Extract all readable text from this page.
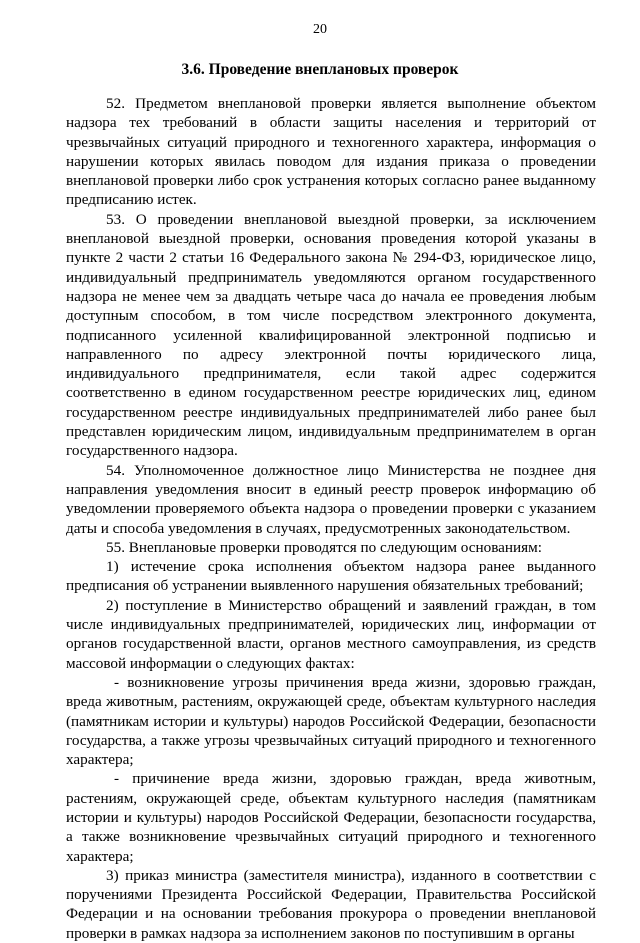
20
3.6. Проведение внеплановых проверок

52. Предметом внеплановой проверки является выполнение объектом надзора тех требований в области защиты населения и территорий от чрезвычайных ситуаций природного и техногенного характера, информация о нарушении которых явилась поводом для издания приказа о проведении внеплановой проверки либо срок устранения которых согласно ранее выданному предписанию истек.

53. О проведении внеплановой выездной проверки, за исключением внеплановой выездной проверки, основания проведения которой указаны в пункте 2 части 2 статьи 16 Федерального закона № 294-ФЗ, юридическое лицо, индивидуальный предприниматель уведомляются органом государственного надзора не менее чем за двадцать четыре часа до начала ее проведения любым доступным способом, в том числе посредством электронного документа, подписанного усиленной квалифицированной электронной подписью и направленного по адресу электронной почты юридического лица, индивидуального предпринимателя, если такой адрес содержится соответственно в едином государственном реестре юридических лиц, едином государственном реестре индивидуальных предпринимателей либо ранее был представлен юридическим лицом, индивидуальным предпринимателем в орган государственного надзора.

54. Уполномоченное должностное лицо Министерства не позднее дня направления уведомления вносит в единый реестр проверок информацию об уведомлении проверяемого объекта надзора о проведении проверки с указанием даты и способа уведомления в случаях, предусмотренных законодательством.

55. Внеплановые проверки проводятся по следующим основаниям:

1) истечение срока исполнения объектом надзора ранее выданного предписания об устранении выявленного нарушения обязательных требований;

2) поступление в Министерство обращений и заявлений граждан, в том числе индивидуальных предпринимателей, юридических лиц, информации от органов государственной власти, органов местного самоуправления, из средств массовой информации о следующих фактах:

- возникновение угрозы причинения вреда жизни, здоровью граждан, вреда животным, растениям, окружающей среде, объектам культурного наследия (памятникам истории и культуры) народов Российской Федерации, безопасности государства, а также угрозы чрезвычайных ситуаций природного и техногенного характера;

- причинение вреда жизни, здоровью граждан, вреда животным, растениям, окружающей среде, объектам культурного наследия (памятникам истории и культуры) народов Российской Федерации, безопасности государства, а также возникновение чрезвычайных ситуаций природного и техногенного характера;

3) приказ министра (заместителя министра), изданного в соответствии с поручениями Президента Российской Федерации, Правительства Российской Федерации и на основании требования прокурора о проведении внеплановой проверки в рамках надзора за исполнением законов по поступившим в органы
